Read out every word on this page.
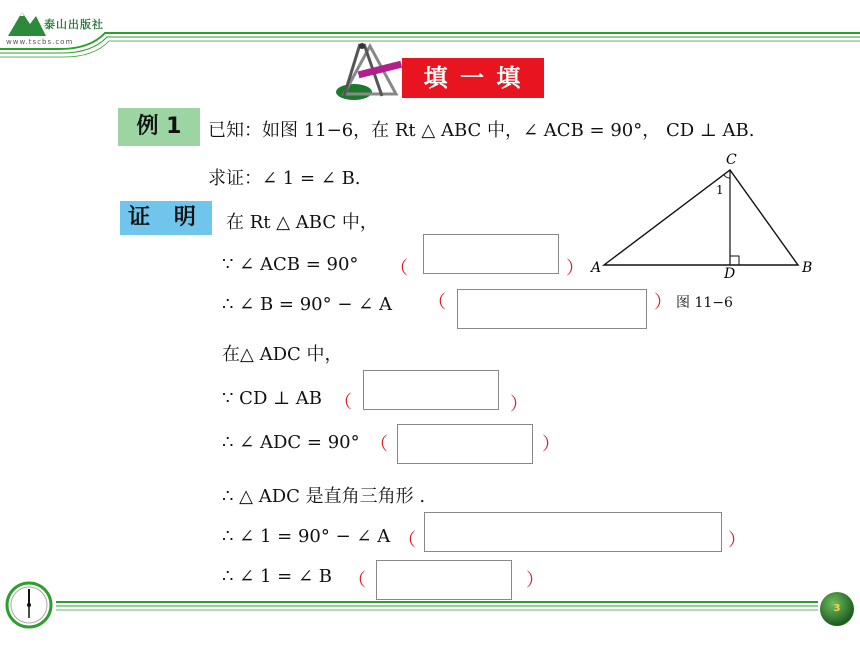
泰山出版社
www.tscbs.com
填 一 填
例 1	已知：如图 11−6，在 Rt △ ABC 中，∠ ACB = 90°， CD ⊥ AB.
求证：∠ 1 = ∠ B.
证 明	在 Rt △ ABC 中，
∵ ∠ ACB = 90° （	）
∴ ∠ B = 90° − ∠ A （	）
在△ ADC 中，
∵ CD ⊥ AB （	）
∴ ∠ ADC = 90° （	）
∴ △ ADC 是直角三角形 .
∴ ∠ 1 = 90° − ∠ A （	）
∴ ∠ 1 = ∠ B （	）
C
A	B
D
1
图 11−6
3
